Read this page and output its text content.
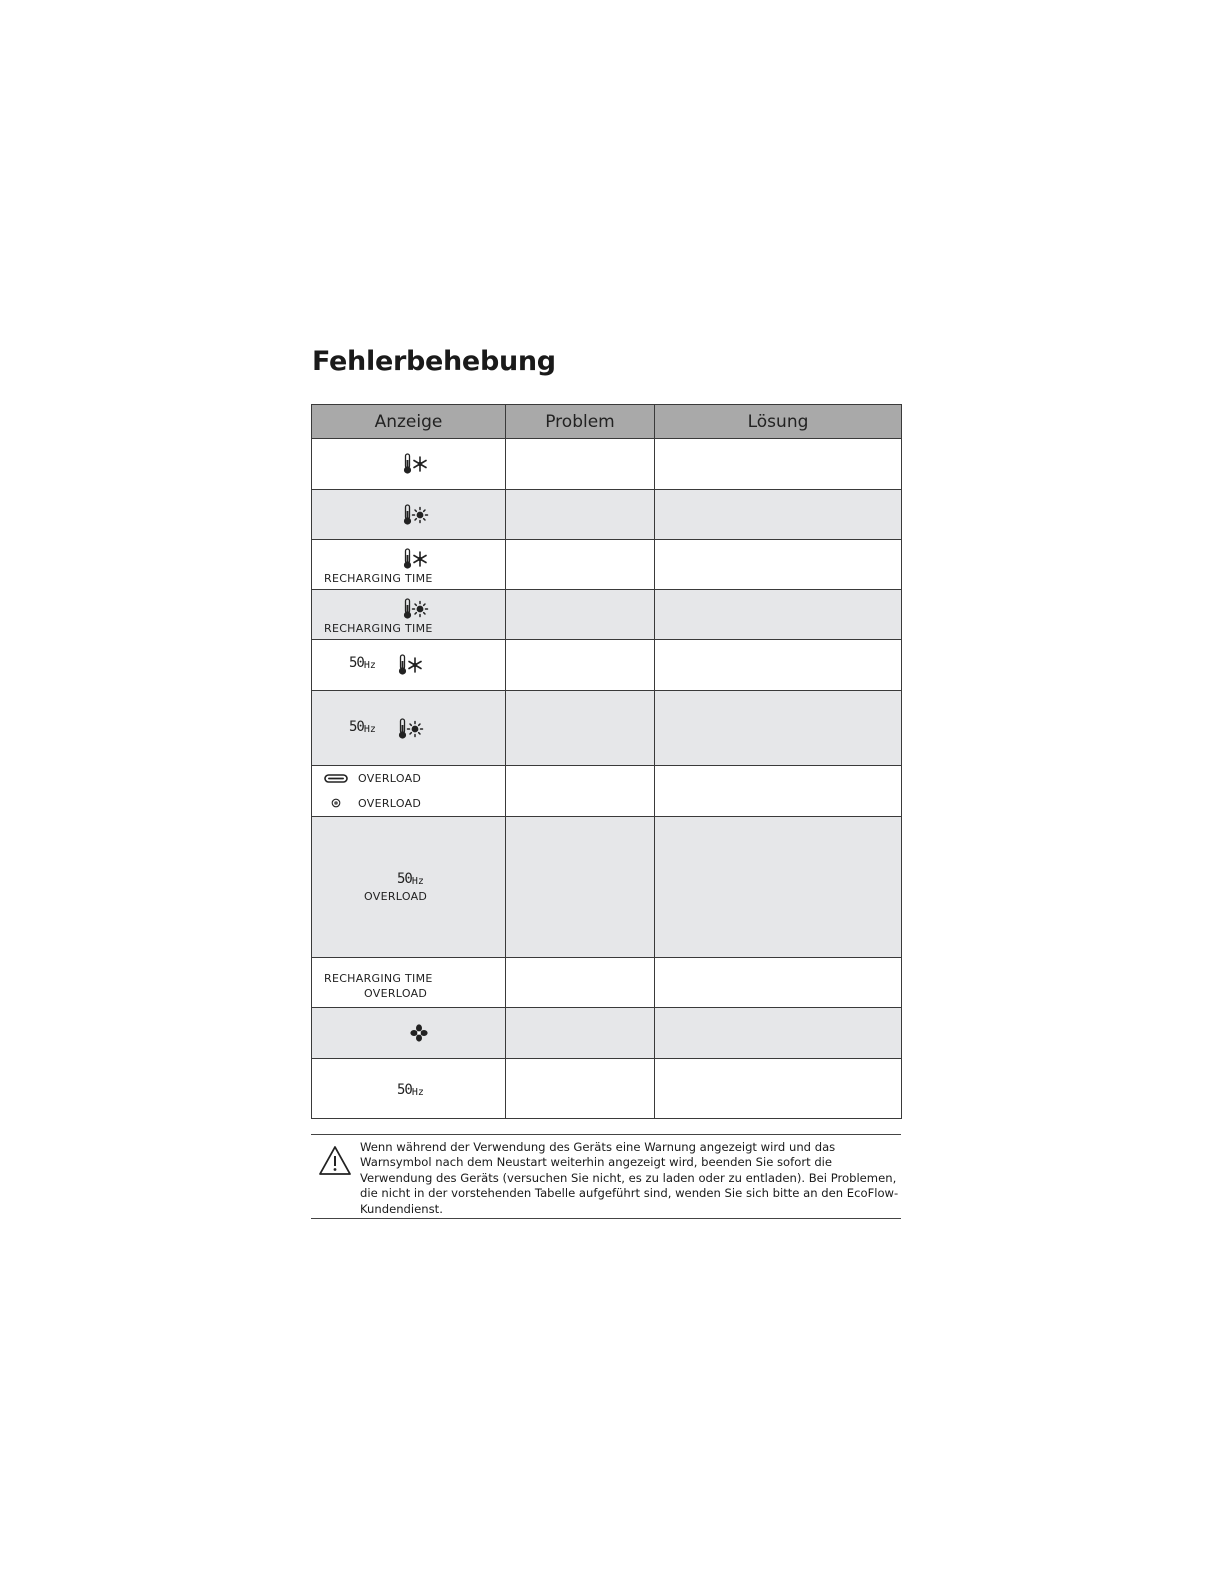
Fehlerbehebung
Anzeige	Problem	Lösung

RECHARGING TIME		

RECHARGING TIME		

$50_{Hz}$

$50_{Hz}$

OVERLOAD
OVERLOAD		

$50_{Hz}$
OVERLOAD		

RECHARGING TIME
OVERLOAD		

$50_{Hz}$

Wenn während der Verwendung des Geräts eine Warnung angezeigt wird und das Warnsymbol nach dem Neustart weiterhin angezeigt wird, beenden Sie sofort die Verwendung des Geräts (versuchen Sie nicht, es zu laden oder zu entladen). Bei Problemen, die nicht in der vorstehenden Tabelle aufgeführt sind, wenden Sie sich bitte an den EcoFlow-Kundendienst.
